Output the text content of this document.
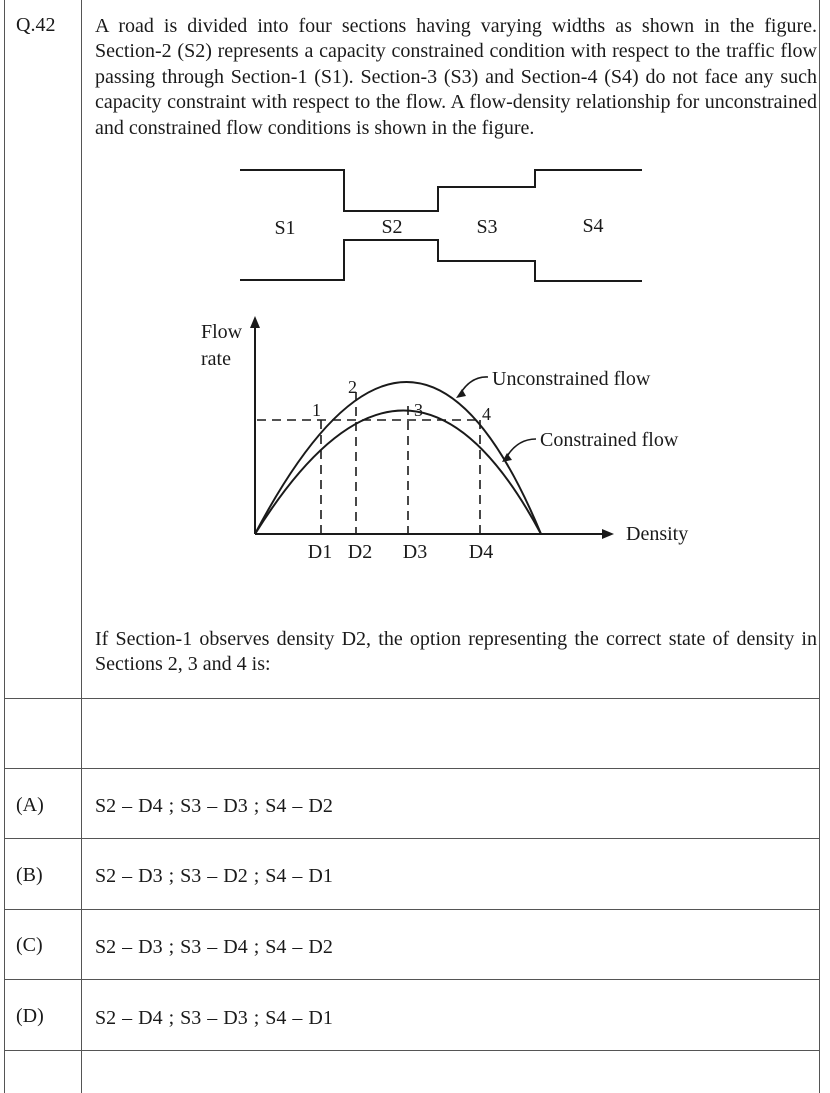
Q.42 A road is divided into four sections having varying widths as shown in the figure. Section-2 (S2) represents a capacity constrained condition with respect to the traffic flow passing through Section-1 (S1). Section-3 (S3) and Section-4 (S4) do not face any such capacity constraint with respect to the flow. A flow-density relationship for unconstrained and constrained flow conditions is shown in the figure.
S1	S2	S3	S4
Flow
rate
Density
Unconstrained flow
Constrained flow
1
2
3	4
D1 D2 D3 D4
If Section-1 observes density D2, the option representing the correct state of density in Sections 2, 3 and 4 is:
(A)	S2 – D4 ; S3 – D3 ; S4 – D2
(B)	S2 – D3 ; S3 – D2 ; S4 – D1
(C)	S2 – D3 ; S3 – D4 ; S4 – D2
(D)	S2 – D4 ; S3 – D3 ; S4 – D1
